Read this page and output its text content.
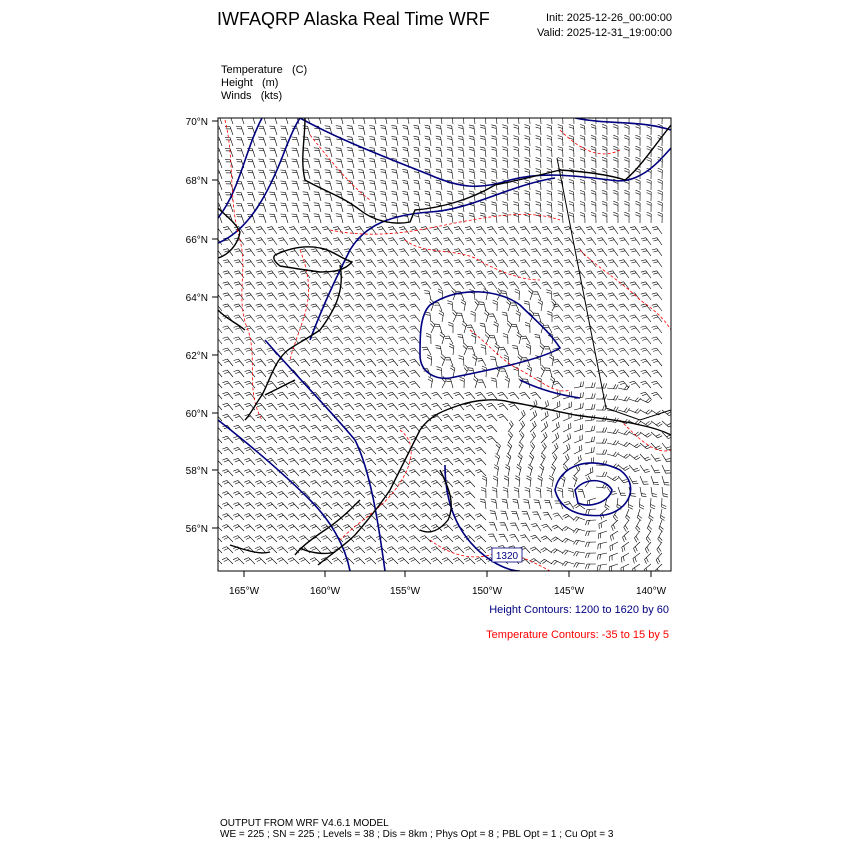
IWFAQRP Alaska Real Time WRF	Init: 2025-12-26_00:00:00
Valid: 2025-12-31_19:00:00
Temperature (C)
Height (m)
Winds (kts)
1320
70°N
68°N
66°N
64°N
62°N
60°N
58°N
56°N
165°W	160°W	155°W	150°W	145°W	140°W
Height Contours: 1200 to 1620 by 60
Temperature Contours: -35 to 15 by 5
OUTPUT FROM WRF V4.6.1 MODEL
WE = 225 ; SN = 225 ; Levels = 38 ; Dis = 8km ; Phys Opt = 8 ; PBL Opt = 1 ; Cu Opt = 3
